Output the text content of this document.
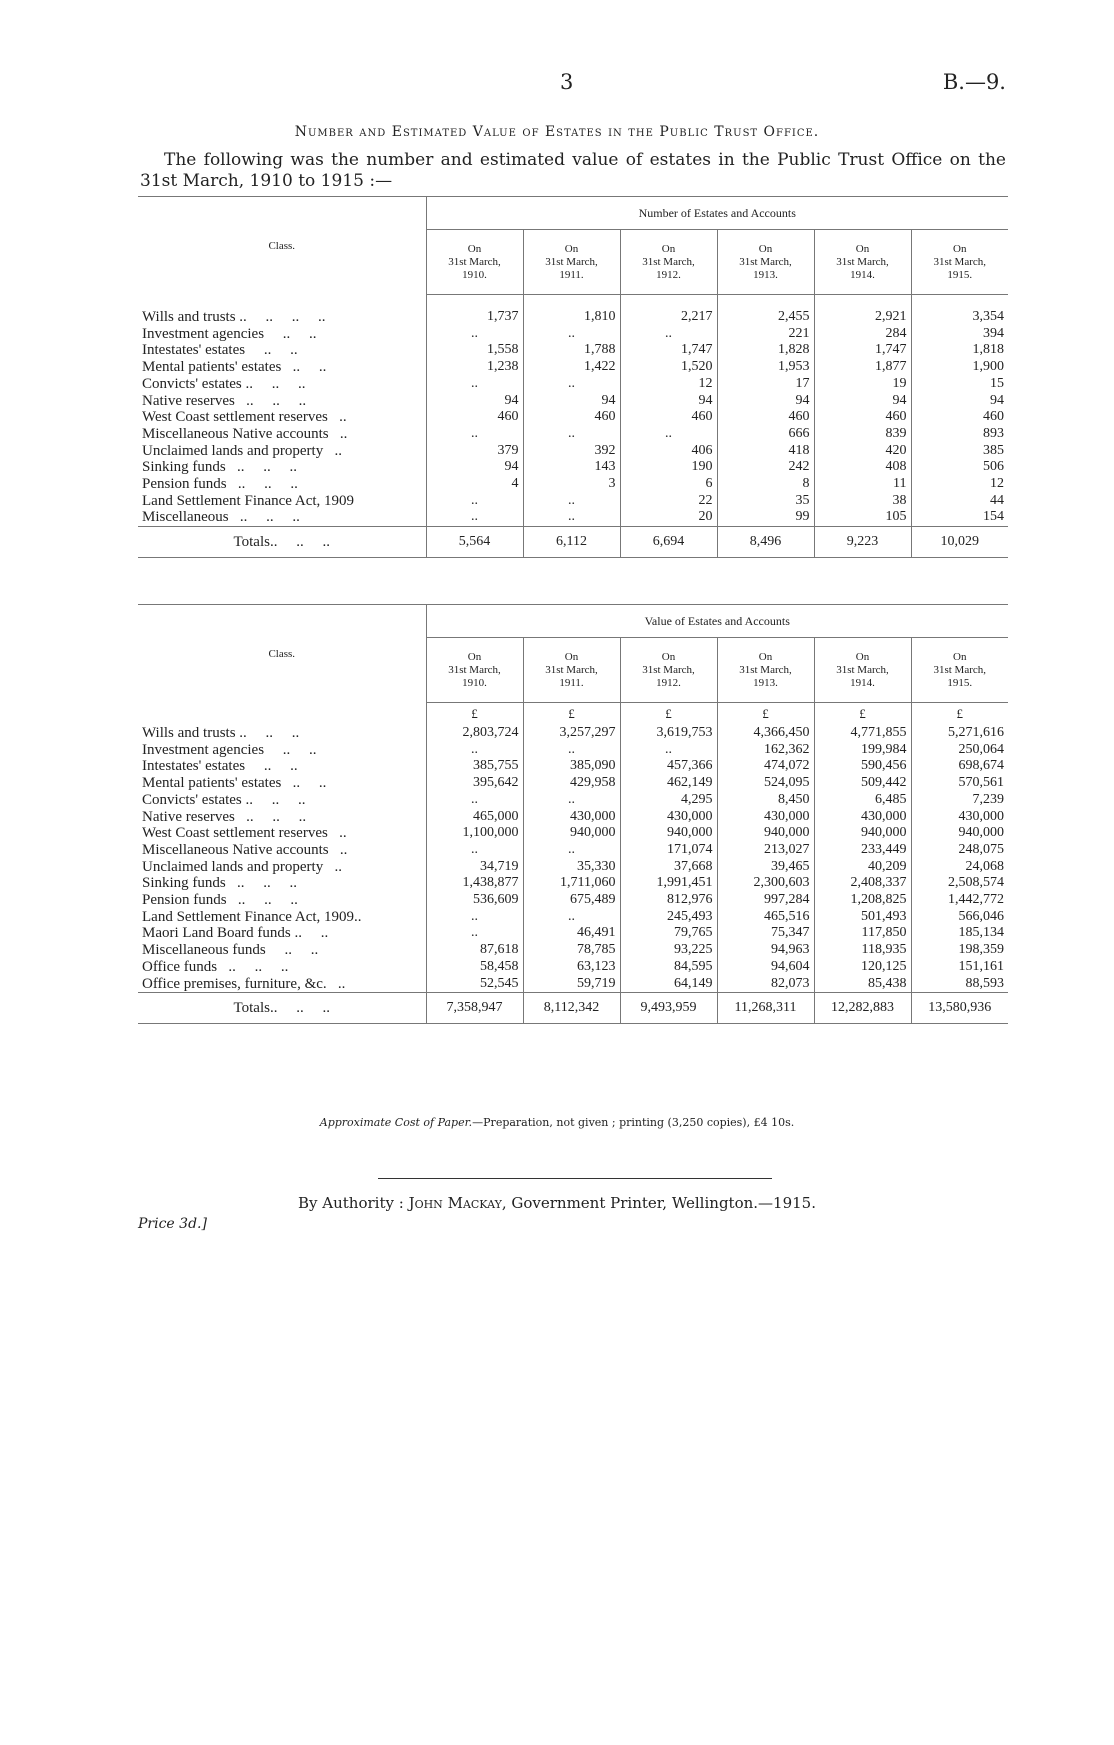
3	B.—9.
Number and Estimated Value of Estates in the Public Trust Office.
The following was the number and estimated value of estates in the Public Trust Office on the 31st March, 1910 to 1915 :—
Class.	Number of Estates and Accounts					
	On
31st March,
1910.	On
31st March,
1911.	On
31st March,
1912.	On
31st March,
1913.	On
31st March,
1914.	On
31st March,
1915.

Wills and trusts ..     ..     ..     ..	1,737	1,810	2,217	2,455	2,921	3,354
Investment agencies     ..     ..	..	..	..	221	284	394
Intestates' estates     ..     ..	1,558	1,788	1,747	1,828	1,747	1,818
Mental patients' estates   ..     ..	1,238	1,422	1,520	1,953	1,877	1,900
Convicts' estates ..     ..     ..	..	..	12	17	19	15
Native reserves   ..     ..     ..	94	94	94	94	94	94
West Coast settlement reserves   ..	460	460	460	460	460	460
Miscellaneous Native accounts   ..	..	..	..	666	839	893
Unclaimed lands and property   ..	379	392	406	418	420	385
Sinking funds   ..     ..     ..	94	143	190	242	408	506
Pension funds   ..     ..     ..	4	3	6	8	11	12
Land Settlement Finance Act, 1909	..	..	22	35	38	44
Miscellaneous   ..     ..     ..	..	..	20	99	105	154
Totals..     ..     ..	5,564	6,112	6,694	8,496	9,223	10,029
Class.	Value of Estates and Accounts					
	On
31st March,
1910.	On
31st March,
1911.	On
31st March,
1912.	On
31st March,
1913.	On
31st March,
1914.	On
31st March,
1915.
	£	£	£	£	£	£
Wills and trusts ..     ..     ..	2,803,724	3,257,297	3,619,753	4,366,450	4,771,855	5,271,616
Investment agencies     ..     ..	..	..	..	162,362	199,984	250,064
Intestates' estates     ..     ..	385,755	385,090	457,366	474,072	590,456	698,674
Mental patients' estates   ..     ..	395,642	429,958	462,149	524,095	509,442	570,561
Convicts' estates ..     ..     ..	..	..	4,295	8,450	6,485	7,239
Native reserves   ..     ..     ..	465,000	430,000	430,000	430,000	430,000	430,000
West Coast settlement reserves   ..	1,100,000	940,000	940,000	940,000	940,000	940,000
Miscellaneous Native accounts   ..	..	..	171,074	213,027	233,449	248,075
Unclaimed lands and property   ..	34,719	35,330	37,668	39,465	40,209	24,068
Sinking funds   ..     ..     ..	1,438,877	1,711,060	1,991,451	2,300,603	2,408,337	2,508,574
Pension funds   ..     ..     ..	536,609	675,489	812,976	997,284	1,208,825	1,442,772
Land Settlement Finance Act, 1909..	..	..	245,493	465,516	501,493	566,046
Maori Land Board funds ..     ..	..	46,491	79,765	75,347	117,850	185,134
Miscellaneous funds     ..     ..	87,618	78,785	93,225	94,963	118,935	198,359
Office funds   ..     ..     ..	58,458	63,123	84,595	94,604	120,125	151,161
Office premises, furniture, &c.   ..	52,545	59,719	64,149	82,073	85,438	88,593
Totals..     ..     ..	7,358,947	8,112,342	9,493,959	11,268,311	12,282,883	13,580,936
Approximate Cost of Paper.—Preparation, not given ; printing (3,250 copies), £4 10s.
By Authority : John Mackay, Government Printer, Wellington.—1915.
Price 3d.]
